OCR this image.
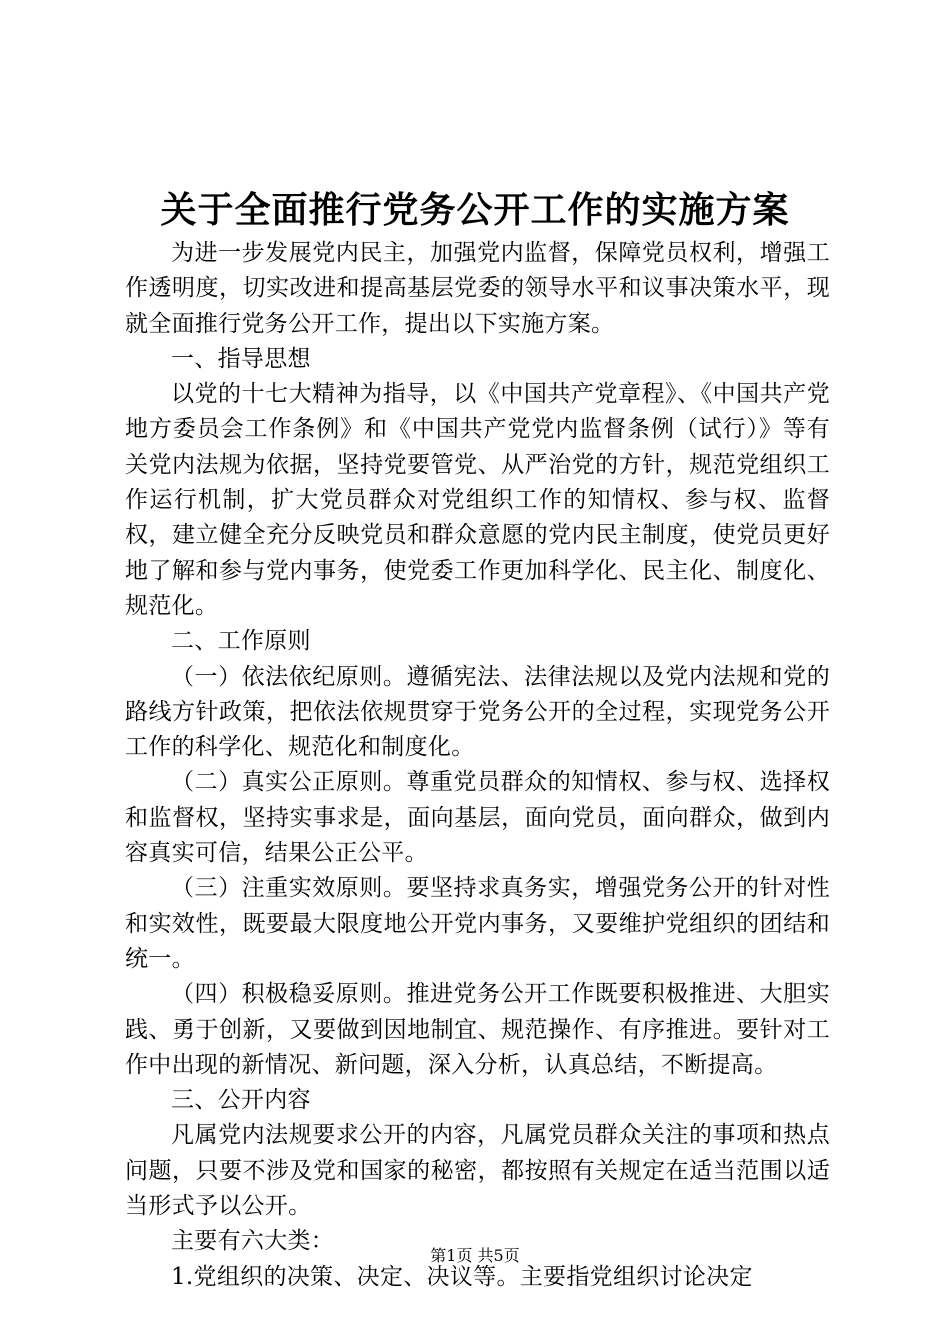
关于全面推行党务公开工作的实施方案

为进一步发展党内民主，加强党内监督，保障党员权利，增强工作透明度，切实改进和提高基层党委的领导水平和议事决策水平，现就全面推行党务公开工作，提出以下实施方案。

一、指导思想

以党的十七大精神为指导，以《中国共产党章程》、《中国共产党地方委员会工作条例》和《中国共产党党内监督条例（试行）》等有关党内法规为依据，坚持党要管党、从严治党的方针，规范党组织工作运行机制，扩大党员群众对党组织工作的知情权、参与权、监督权，建立健全充分反映党员和群众意愿的党内民主制度，使党员更好地了解和参与党内事务，使党委工作更加科学化、民主化、制度化、规范化。

二、工作原则

（一）依法依纪原则。遵循宪法、法律法规以及党内法规和党的路线方针政策，把依法依规贯穿于党务公开的全过程，实现党务公开工作的科学化、规范化和制度化。

（二）真实公正原则。尊重党员群众的知情权、参与权、选择权和监督权，坚持实事求是，面向基层，面向党员，面向群众，做到内容真实可信，结果公正公平。

（三）注重实效原则。要坚持求真务实，增强党务公开的针对性和实效性，既要最大限度地公开党内事务，又要维护党组织的团结和统一。

（四）积极稳妥原则。推进党务公开工作既要积极推进、大胆实践、勇于创新，又要做到因地制宜、规范操作、有序推进。要针对工作中出现的新情况、新问题，深入分析，认真总结，不断提高。

三、公开内容

凡属党内法规要求公开的内容，凡属党员群众关注的事项和热点问题，只要不涉及党和国家的秘密，都按照有关规定在适当范围以适当形式予以公开。

主要有六大类：

1.党组织的决策、决定、决议等。主要指党组织讨论决定

第1页 共5页
